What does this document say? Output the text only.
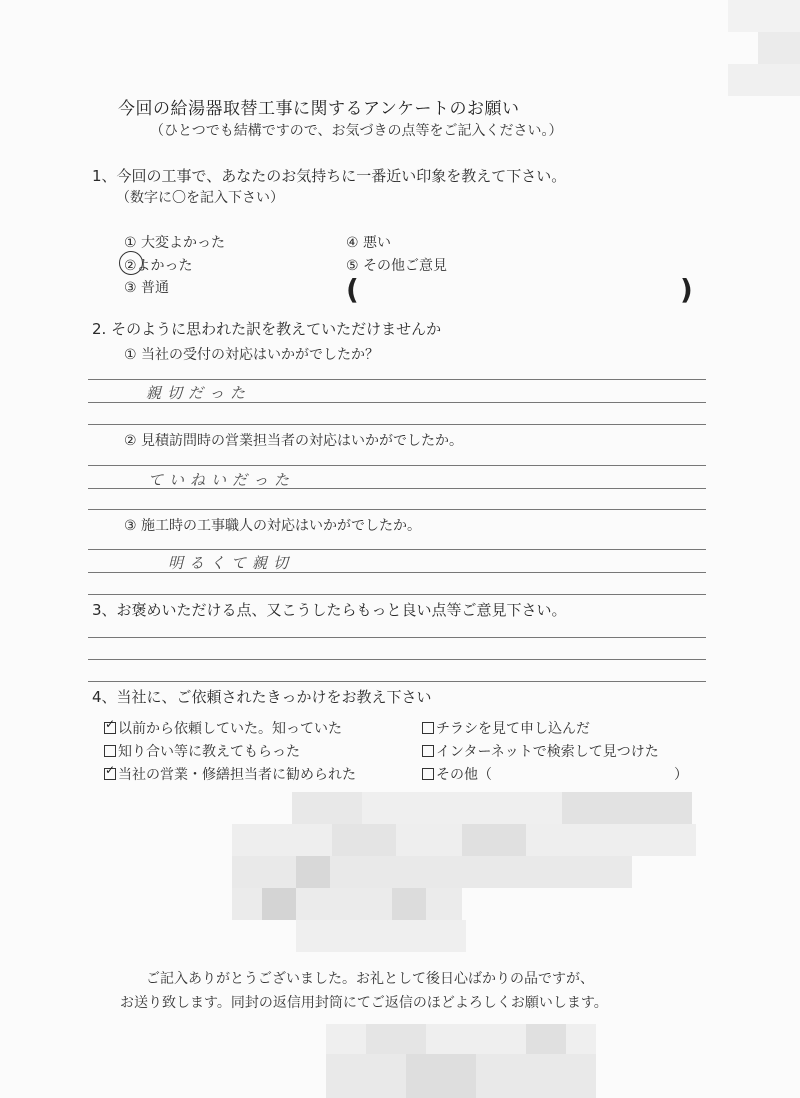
今回の給湯器取替工事に関するアンケートのお願い
（ひとつでも結構ですので、お気づきの点等をご記入ください。）
1、今回の工事で、あなたのお気持ちに一番近い印象を教えて下さい。
（数字に〇を記入下さい）
① 大変よかった
②よかった
③ 普通
④ 悪い
⑤ その他ご意見
(	)
2. そのように思われた訳を教えていただけませんか
① 当社の受付の対応はいかがでしたか？
親切だった
② 見積訪問時の営業担当者の対応はいかがでしたか。
ていねいだった
③ 施工時の工事職人の対応はいかがでしたか。
明るくて親切
3、お褒めいただける点、又こうしたらもっと良い点等ご意見下さい。
4、当社に、ご依頼されたきっかけをお教え下さい
✓以前から依頼していた。知っていた
知り合い等に教えてもらった
✓当社の営業・修繕担当者に勧められた
チラシを見て申し込んだ
インターネットで検索して見つけた
その他（	）
ご記入ありがとうございました。お礼として後日心ばかりの品ですが、
お送り致します。同封の返信用封筒にてご返信のほどよろしくお願いします。
